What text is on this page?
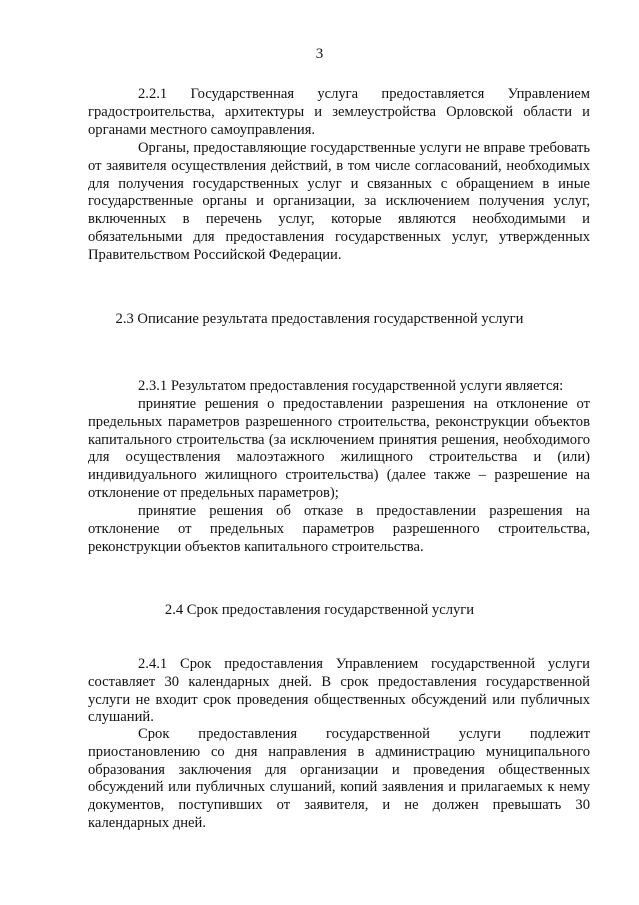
3

2.2.1 Государственная услуга предоставляется Управлением градостроительства, архитектуры и землеустройства Орловской области и органами местного самоуправления.

Органы, предоставляющие государственные услуги не вправе требовать от заявителя осуществления действий, в том числе согласований, необходимых для получения государственных услуг и связанных с обращением в иные государственные органы и организации, за исключением получения услуг, включенных в перечень услуг, которые являются необходимыми и обязательными для предоставления государственных услуг, утвержденных Правительством Российской Федерации.

2.3 Описание результата предоставления государственной услуги

2.3.1 Результатом предоставления государственной услуги является:

принятие решения о предоставлении разрешения на отклонение от предельных параметров разрешенного строительства, реконструкции объектов капитального строительства (за исключением принятия решения, необходимого для осуществления малоэтажного жилищного строительства и (или) индивидуального жилищного строительства) (далее также – разрешение на отклонение от предельных параметров);

принятие решения об отказе в предоставлении разрешения на отклонение от предельных параметров разрешенного строительства, реконструкции объектов капитального строительства.

2.4 Срок предоставления государственной услуги

2.4.1 Срок предоставления Управлением государственной услуги составляет 30 календарных дней. В срок предоставления государственной услуги не входит срок проведения общественных обсуждений или публичных слушаний.

Срок предоставления государственной услуги подлежит приостановлению со дня направления в администрацию муниципального образования заключения для организации и проведения общественных обсуждений или публичных слушаний, копий заявления и прилагаемых к нему документов, поступивших от заявителя, и не должен превышать 30 календарных дней.
